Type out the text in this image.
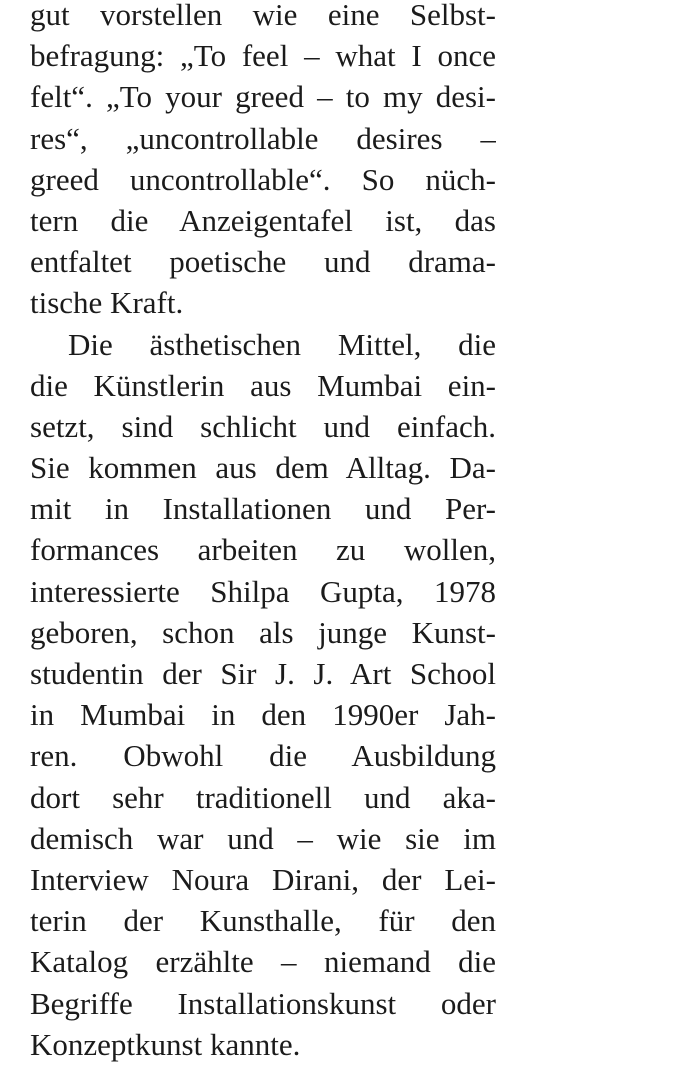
gut vorstellen wie eine Selbst-
befragung: „To feel – what I once
felt“. „To your greed – to my desi-
res“, „uncontrollable desires –
greed uncontrollable“. So nüch-
tern die Anzeigentafel ist, das
entfaltet poetische und drama-
tische Kraft.
Die ästhetischen Mittel, die
die Künstlerin aus Mumbai ein-
setzt, sind schlicht und einfach.
Sie kommen aus dem Alltag. Da-
mit in Installationen und Per-
formances arbeiten zu wollen,
interessierte Shilpa Gupta, 1978
geboren, schon als junge Kunst-
studentin der Sir J. J. Art School
in Mumbai in den 1990er Jah-
ren. Obwohl die Ausbildung
dort sehr traditionell und aka-
demisch war und – wie sie im
Interview Noura Dirani, der Lei-
terin der Kunsthalle, für den
Katalog erzählte – niemand die
Begriffe Installationskunst oder
Konzeptkunst kannte.
